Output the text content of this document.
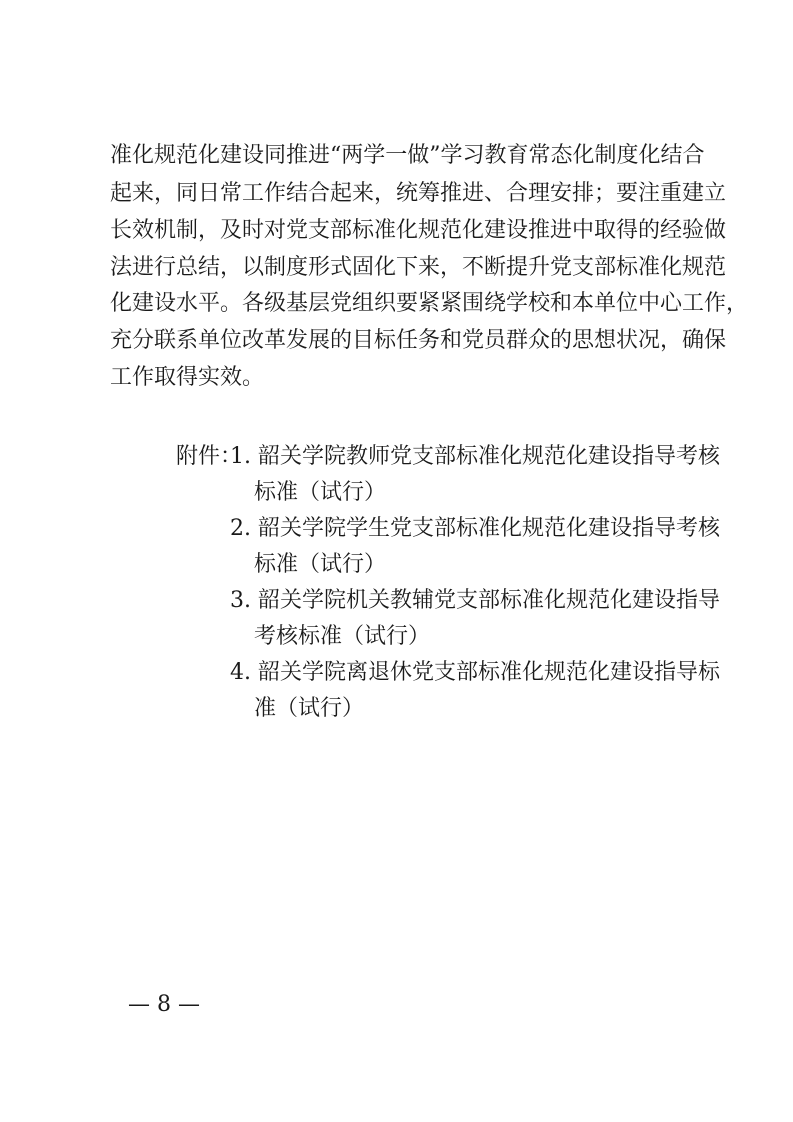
准化规范化建设同推进“两学一做”学习教育常态化制度化结合
起来，同日常工作结合起来，统筹推进、合理安排；要注重建立
长效机制，及时对党支部标准化规范化建设推进中取得的经验做
法进行总结，以制度形式固化下来，不断提升党支部标准化规范
化建设水平。各级基层党组织要紧紧围绕学校和本单位中心工作，
充分联系单位改革发展的目标任务和党员群众的思想状况，确保
工作取得实效。
附件：
1. 韶关学院教师党支部标准化规范化建设指导考核
标准（试行）
2. 韶关学院学生党支部标准化规范化建设指导考核
标准（试行）
3. 韶关学院机关教辅党支部标准化规范化建设指导
考核标准（试行）
4. 韶关学院离退休党支部标准化规范化建设指导标
准（试行）
— 8 —
